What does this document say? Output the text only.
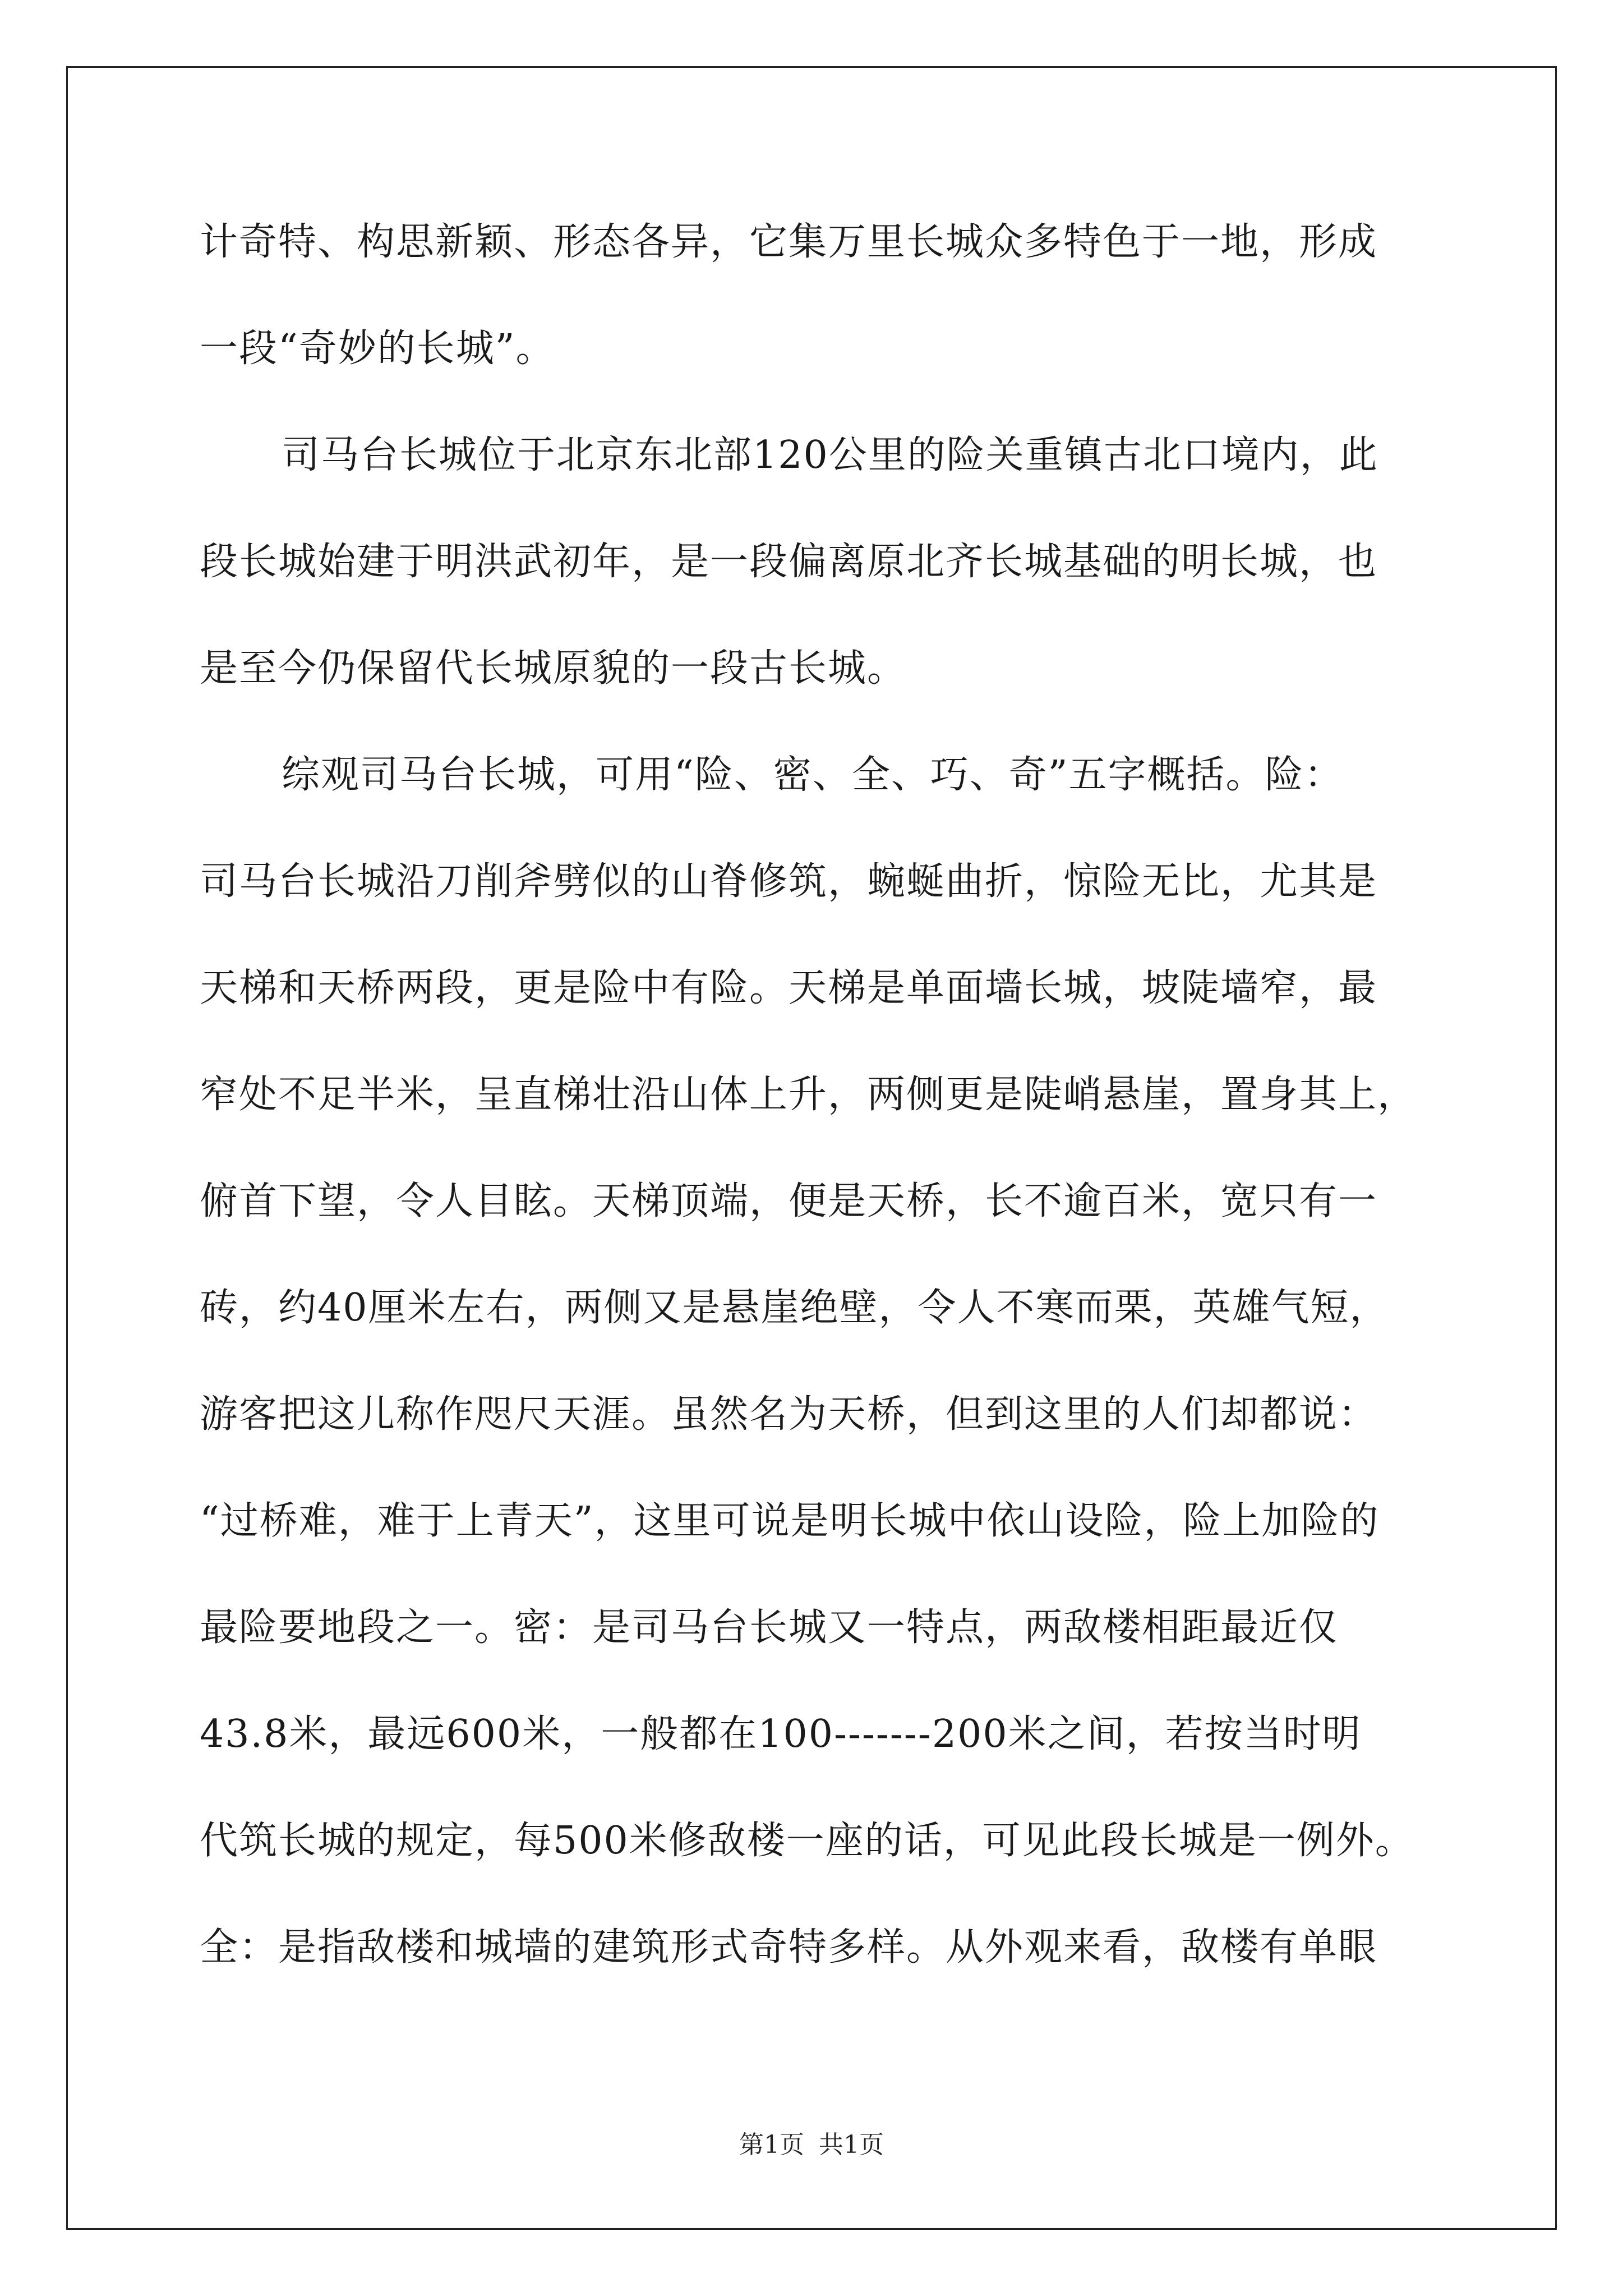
计奇特、构思新颖、形态各异，它集万里长城众多特色于一地，形成
一段“奇妙的长城”。
司马台长城位于北京东北部120公里的险关重镇古北口境内，此
段长城始建于明洪武初年，是一段偏离原北齐长城基础的明长城，也
是至今仍保留代长城原貌的一段古长城。
综观司马台长城，可用“险、密、全、巧、奇”五字概括。险：
司马台长城沿刀削斧劈似的山脊修筑，蜿蜒曲折，惊险无比，尤其是
天梯和天桥两段，更是险中有险。天梯是单面墙长城，坡陡墙窄，最
窄处不足半米，呈直梯壮沿山体上升，两侧更是陡峭悬崖，置身其上，
俯首下望，令人目眩。天梯顶端，便是天桥，长不逾百米，宽只有一
砖，约40厘米左右，两侧又是悬崖绝壁，令人不寒而栗，英雄气短，
游客把这儿称作咫尺天涯。虽然名为天桥，但到这里的人们却都说：
“过桥难，难于上青天”，这里可说是明长城中依山设险，险上加险的
最险要地段之一。密：是司马台长城又一特点，两敌楼相距最近仅
43.8米，最远600米，一般都在100-------200米之间，若按当时明
代筑长城的规定，每500米修敌楼一座的话，可见此段长城是一例外。
全：是指敌楼和城墙的建筑形式奇特多样。从外观来看，敌楼有单眼
第1页 共1页
